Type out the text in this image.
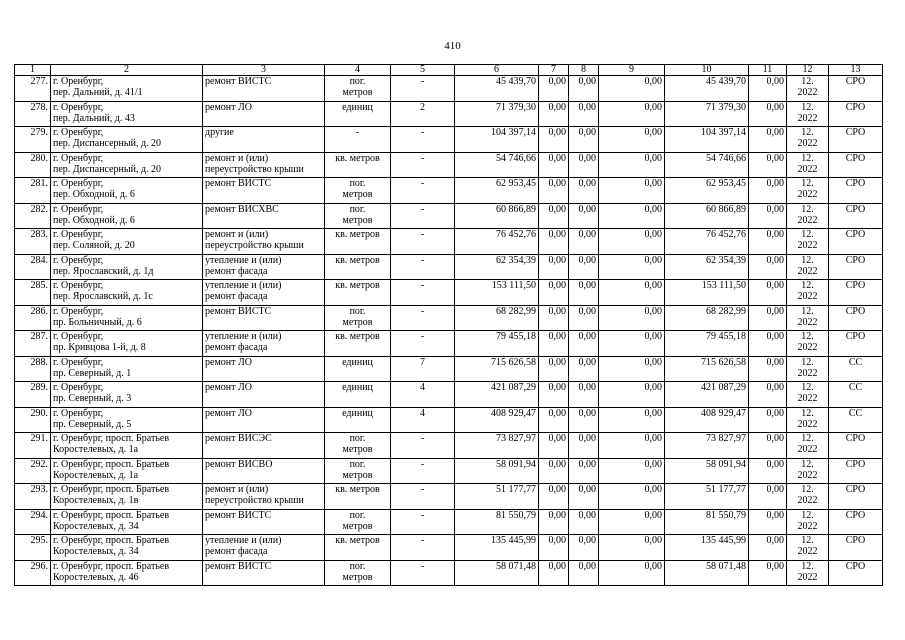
410
1	2	3	4	5	6	7	8	9	10	11	12	13
277.	г. Оренбург,
пер. Дальний, д. 41/1	ремонт ВИСТС	пог.
метров	-	45 439,70	0,00	0,00	0,00	45 439,70	0,00	12.
2022	СРО
278.	г. Оренбург,
пер. Дальний, д. 43	ремонт ЛО	единиц	2	71 379,30	0,00	0,00	0,00	71 379,30	0,00	12.
2022	СРО
279.	г. Оренбург,
пер. Диспансерный, д. 20	другие	-	-	104 397,14	0,00	0,00	0,00	104 397,14	0,00	12.
2022	СРО
280.	г. Оренбург,
пер. Диспансерный, д. 20	ремонт и (или)
переустройство крыши	кв. метров	-	54 746,66	0,00	0,00	0,00	54 746,66	0,00	12.
2022	СРО
281.	г. Оренбург,
пер. Обходной, д. 6	ремонт ВИСТС	пог.
метров	-	62 953,45	0,00	0,00	0,00	62 953,45	0,00	12.
2022	СРО
282.	г. Оренбург,
пер. Обходной, д. 6	ремонт ВИСХВС	пог.
метров	-	60 866,89	0,00	0,00	0,00	60 866,89	0,00	12.
2022	СРО
283.	г. Оренбург,
пер. Соляной, д. 20	ремонт и (или)
переустройство крыши	кв. метров	-	76 452,76	0,00	0,00	0,00	76 452,76	0,00	12.
2022	СРО
284.	г. Оренбург,
пер. Ярославский, д. 1д	утепление и (или)
ремонт фасада	кв. метров	-	62 354,39	0,00	0,00	0,00	62 354,39	0,00	12.
2022	СРО
285.	г. Оренбург,
пер. Ярославский, д. 1с	утепление и (или)
ремонт фасада	кв. метров	-	153 111,50	0,00	0,00	0,00	153 111,50	0,00	12.
2022	СРО
286.	г. Оренбург,
пр. Больничный, д. 6	ремонт ВИСТС	пог.
метров	-	68 282,99	0,00	0,00	0,00	68 282,99	0,00	12.
2022	СРО
287.	г. Оренбург,
пр. Кривцова 1-й, д. 8	утепление и (или)
ремонт фасада	кв. метров	-	79 455,18	0,00	0,00	0,00	79 455,18	0,00	12.
2022	СРО
288.	г. Оренбург,
пр. Северный, д. 1	ремонт ЛО	единиц	7	715 626,58	0,00	0,00	0,00	715 626,58	0,00	12.
2022	СС
289.	г. Оренбург,
пр. Северный, д. 3	ремонт ЛО	единиц	4	421 087,29	0,00	0,00	0,00	421 087,29	0,00	12.
2022	СС
290.	г. Оренбург,
пр. Северный, д. 5	ремонт ЛО	единиц	4	408 929,47	0,00	0,00	0,00	408 929,47	0,00	12.
2022	СС
291.	г. Оренбург, просп. Братьев
Коростелевых, д. 1а	ремонт ВИСЭС	пог.
метров	-	73 827,97	0,00	0,00	0,00	73 827,97	0,00	12.
2022	СРО
292.	г. Оренбург, просп. Братьев
Коростелевых, д. 1а	ремонт ВИСВО	пог.
метров	-	58 091,94	0,00	0,00	0,00	58 091,94	0,00	12.
2022	СРО
293.	г. Оренбург, просп. Братьев
Коростелевых, д. 1в	ремонт и (или)
переустройство крыши	кв. метров	-	51 177,77	0,00	0,00	0,00	51 177,77	0,00	12.
2022	СРО
294.	г. Оренбург, просп. Братьев
Коростелевых, д. 34	ремонт ВИСТС	пог.
метров	-	81 550,79	0,00	0,00	0,00	81 550,79	0,00	12.
2022	СРО
295.	г. Оренбург, просп. Братьев
Коростелевых, д. 34	утепление и (или)
ремонт фасада	кв. метров	-	135 445,99	0,00	0,00	0,00	135 445,99	0,00	12.
2022	СРО
296.	г. Оренбург, просп. Братьев
Коростелевых, д. 46	ремонт ВИСТС	пог.
метров	-	58 071,48	0,00	0,00	0,00	58 071,48	0,00	12.
2022	СРО
